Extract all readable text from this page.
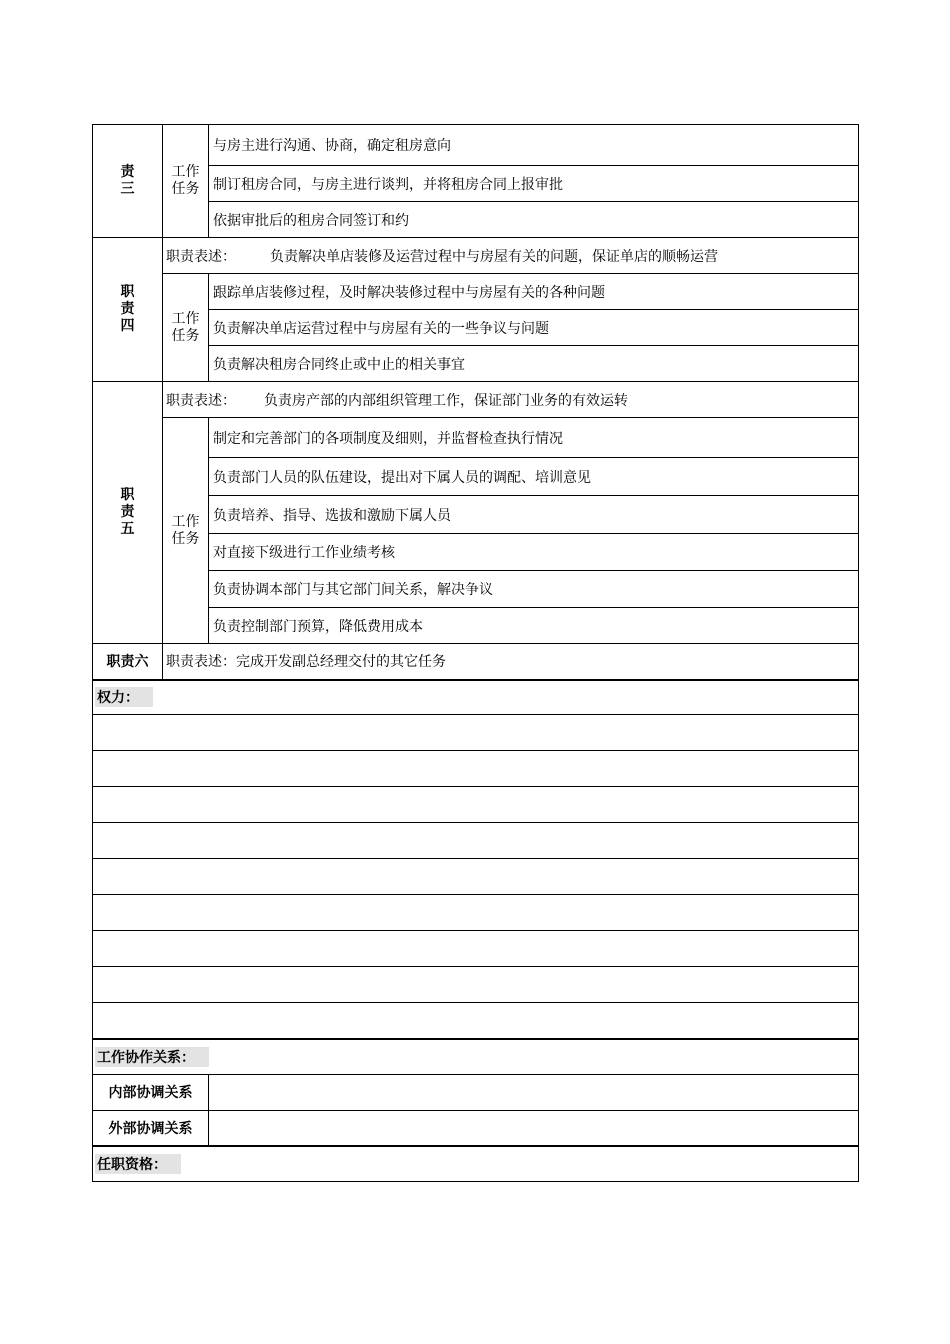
责三	工作任务	与房主进行沟通、协商，确定租房意向
		制订租房合同，与房主进行谈判，并将租房合同上报审批
		依据审批后的租房合同签订和约
职责四	职责表述： 负责解决单店装修及运营过程中与房屋有关的问题，保证单店的顺畅运营	
	工作任务	跟踪单店装修过程，及时解决装修过程中与房屋有关的各种问题
		负责解决单店运营过程中与房屋有关的一些争议与问题
		负责解决租房合同终止或中止的相关事宜
职责五	职责表述： 负责房产部的内部组织管理工作，保证部门业务的有效运转	
	工作任务	制定和完善部门的各项制度及细则，并监督检查执行情况
		负责部门人员的队伍建设，提出对下属人员的调配、培训意见
		负责培养、指导、选拔和激励下属人员
		对直接下级进行工作业绩考核
		负责协调本部门与其它部门间关系，解决争议
		负责控制部门预算，降低费用成本
职责六	职责表述：完成开发副总经理交付的其它任务	
权力：		

工作协作关系：		
内部协调关系		
外部协调关系		
任职资格：		
